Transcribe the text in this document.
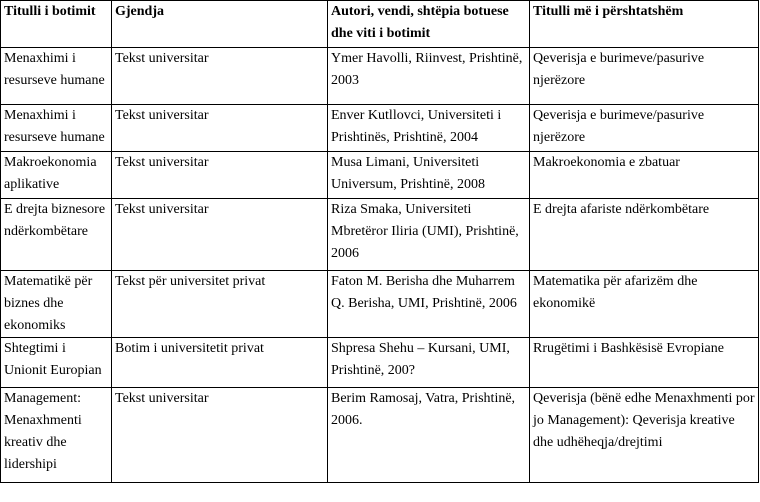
Titulli i botimit	Gjendja	Autori, vendi, shtëpia botuese dhe viti i botimit	Titulli më i përshtatshëm
Menaxhimi i resurseve humane	Tekst universitar	Ymer Havolli, Riinvest, Prishtinë, 2003	Qeverisja e burimeve/pasurive njerëzore
Menaxhimi i resurseve humane	Tekst universitar	Enver Kutllovci, Universiteti i Prishtinës, Prishtinë, 2004	Qeverisja e burimeve/pasurive njerëzore
Makroekonomia aplikative	Tekst universitar	Musa Limani, Universiteti Universum, Prishtinë, 2008	Makroekonomia e zbatuar
E drejta biznesore ndërkombëtare	Tekst universitar	Riza Smaka, Universiteti Mbretëror Iliria (UMI), Prishtinë, 2006	E drejta afariste ndërkombëtare
Matematikë për biznes dhe ekonomiks	Tekst për universitet privat	Faton M. Berisha dhe Muharrem Q. Berisha, UMI, Prishtinë, 2006	Matematika për afarizëm dhe ekonomikë
Shtegtimi i Unionit Europian	Botim i universitetit privat	Shpresa Shehu – Kursani, UMI, Prishtinë, 200?	Rrugëtimi i Bashkësisë Evropiane
Management: Menaxhmenti kreativ dhe lidershipi	Tekst universitar	Berim Ramosaj, Vatra, Prishtinë, 2006.	Qeverisja (bënë edhe Menaxhmenti por jo Management): Qeverisja kreative dhe udhëheqja/drejtimi
